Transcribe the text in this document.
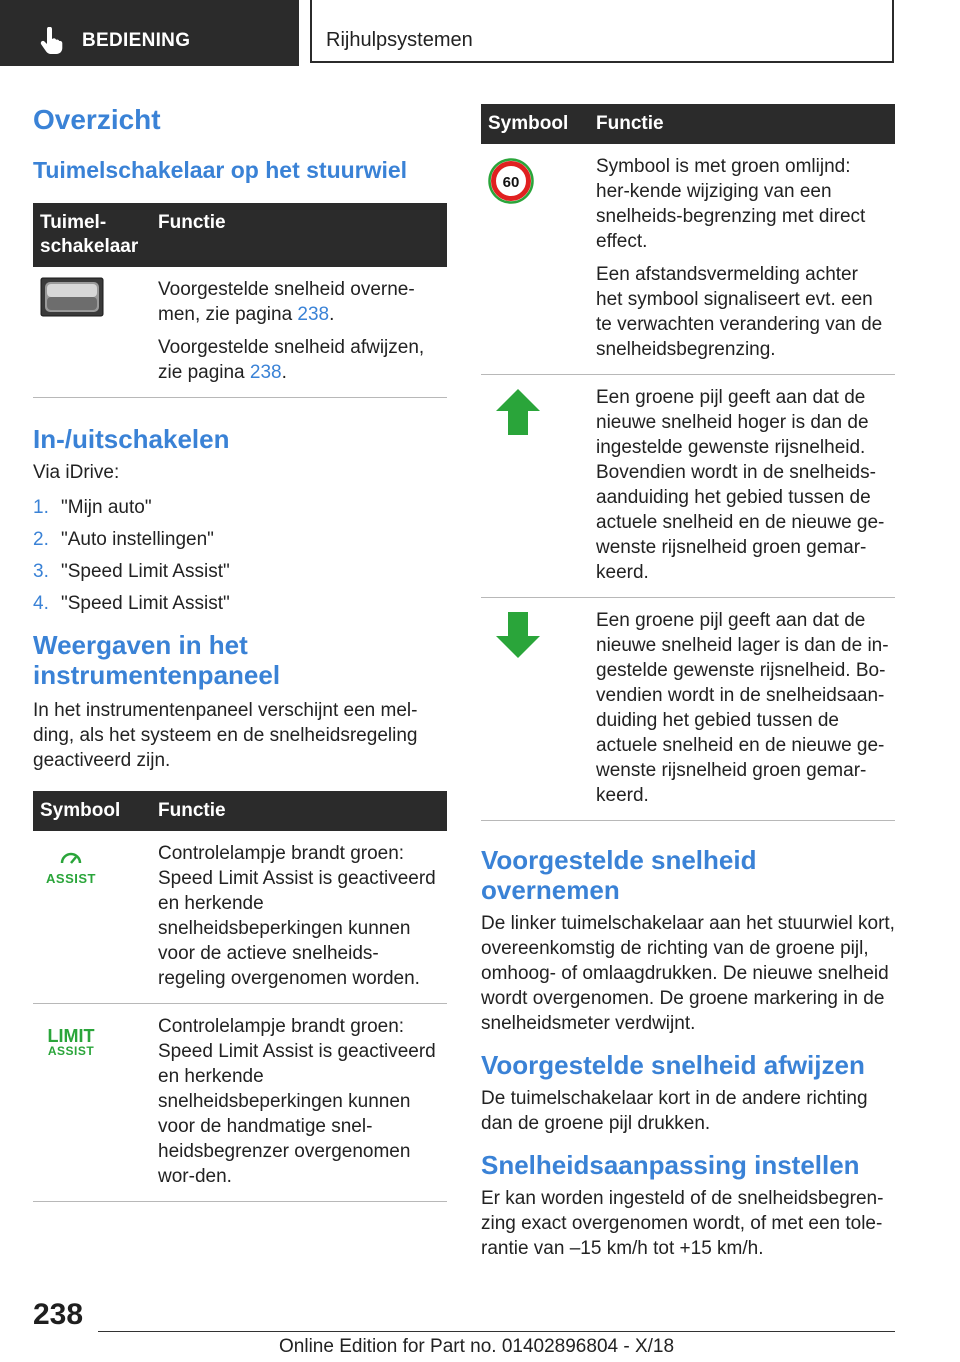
BEDIENING	Rijhulpsystemen
Overzicht
Tuimelschakelaar op het stuurwiel
Tuimel-schakelaar	Functie

Voorgestelde snelheid overne-men, zie pagina 238.

Voorgestelde snelheid afwijzen, zie pagina 238.

In-/uitschakelen

Via iDrive:

1. "Mijn auto"
2. "Auto instellingen"
3. "Speed Limit Assist"
4. "Speed Limit Assist"
Weergaven in het instrumentenpaneel

In het instrumentenpaneel verschijnt een mel-ding, als het systeem en de snelheidsregeling geactiveerd zijn.

Symbool	Functie

ASSIST	Controlelampje brandt groen: Speed Limit Assist is geactiveerd en herkende snelheidsbeperkingen kunnen voor de actieve snelheids-regeling overgenomen worden.

LIMIT
ASSIST	Controlelampje brandt groen: Speed Limit Assist is geactiveerd en herkende snelheidsbeperkingen kunnen voor de handmatige snel-heidsbegrenzer overgenomen wor-den.
Symbool	Functie

60	Symbool is met groen omlijnd: her-kende wijziging van een snelheids-begrenzing met direct effect.

Een afstandsvermelding achter het symbool signaliseert evt. een te verwachten verandering van de snelheidsbegrenzing.

	Een groene pijl geeft aan dat de nieuwe snelheid hoger is dan de ingestelde gewenste rijsnelheid. Bovendien wordt in de snelheids-aanduiding het gebied tussen de actuele snelheid en de nieuwe ge-wenste rijsnelheid groen gemar-keerd.
	Een groene pijl geeft aan dat de nieuwe snelheid lager is dan de in-gestelde gewenste rijsnelheid. Bo-vendien wordt in de snelheidsaan-duiding het gebied tussen de actuele snelheid en de nieuwe ge-wenste rijsnelheid groen gemar-keerd.
Voorgestelde snelheid overnemen

De linker tuimelschakelaar aan het stuurwiel kort, overeenkomstig de richting van de groene pijl, omhoog- of omlaagdrukken. De nieuwe snelheid wordt overgenomen. De groene markering in de snelheidsmeter verdwijnt.

Voorgestelde snelheid afwijzen

De tuimelschakelaar kort in de andere richting dan de groene pijl drukken.

Snelheidsaanpassing instellen

Er kan worden ingesteld of de snelheidsbegren-zing exact overgenomen wordt, of met een tole-rantie van –15 km/h tot +15 km/h.

238
Online Edition for Part no. 01402896804 - X/18
